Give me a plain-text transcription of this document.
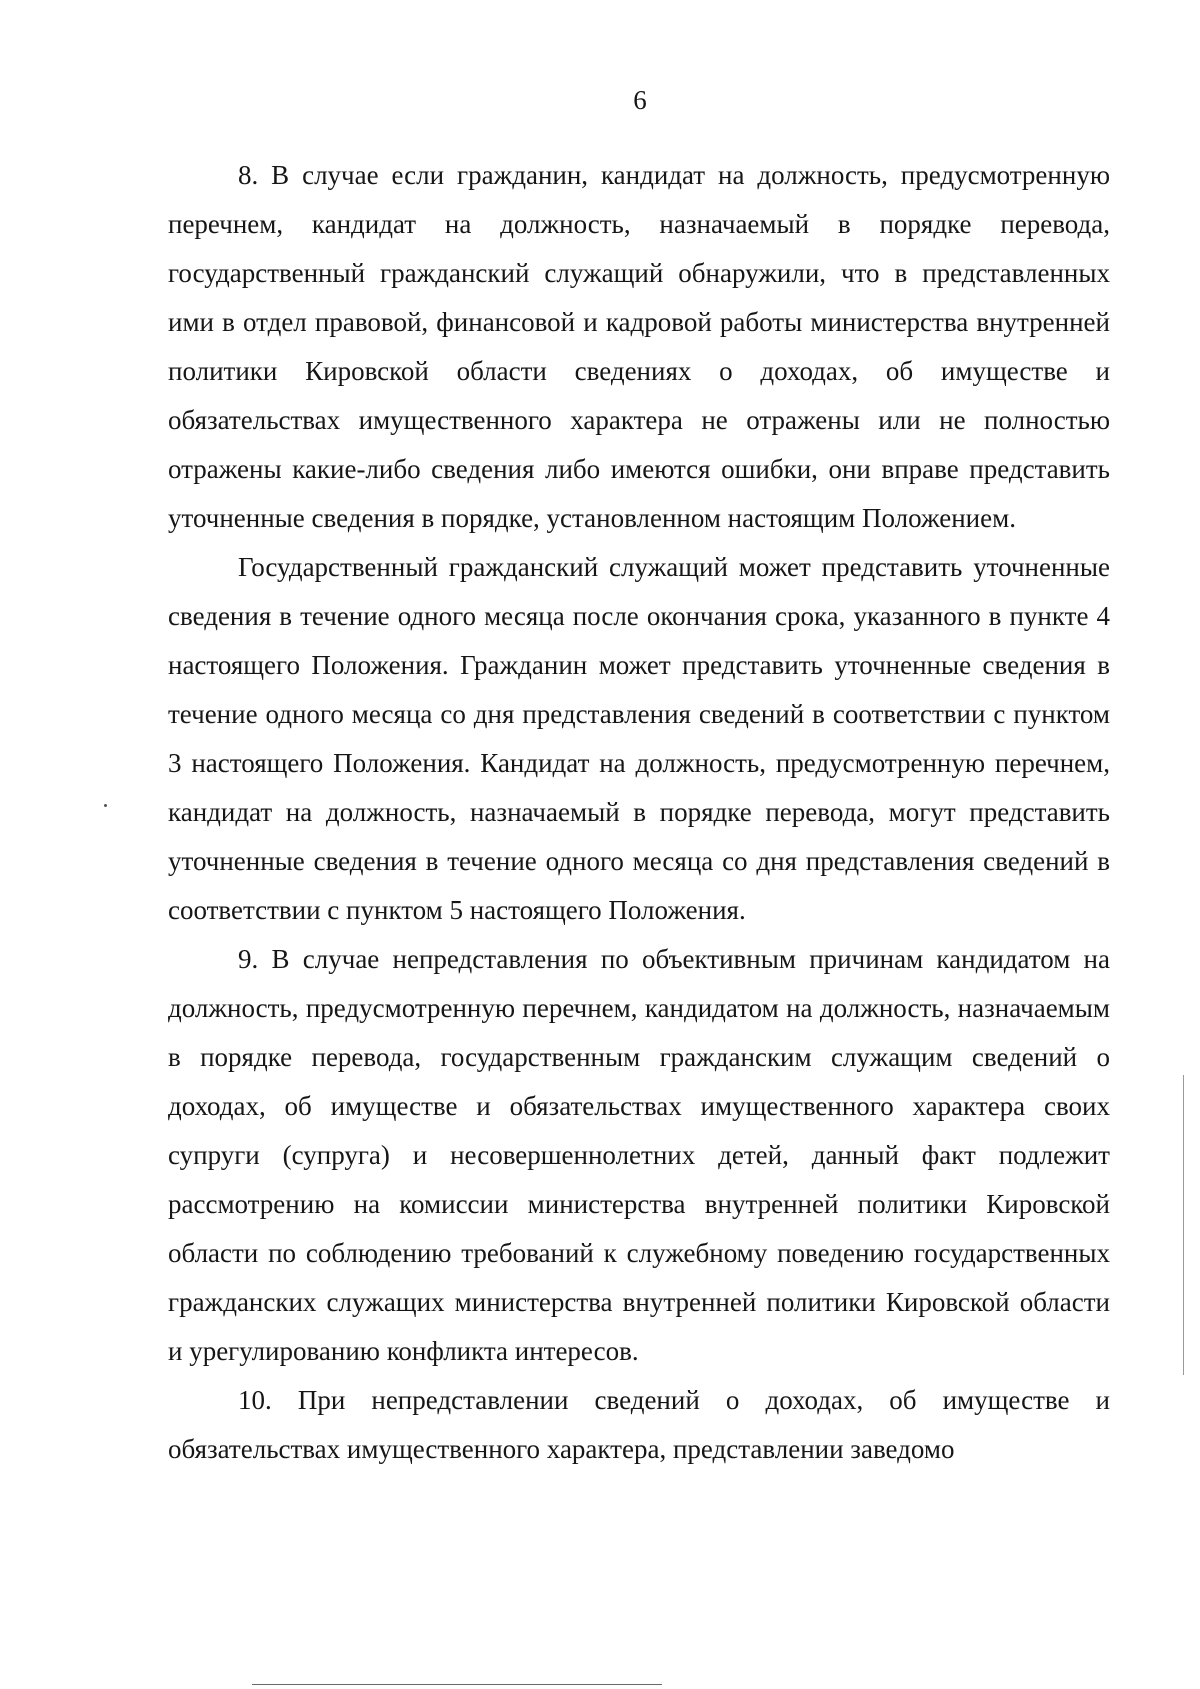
6

8. В случае если гражданин, кандидат на должность, предусмотренную перечнем, кандидат на должность, назначаемый в порядке перевода, государственный гражданский служащий обнаружили, что в представленных ими в отдел правовой, финансовой и кадровой работы министерства внутренней политики Кировской области сведениях о доходах, об имуществе и обязательствах имущественного характера не отражены или не полностью отражены какие-либо сведения либо имеются ошибки, они вправе представить уточненные сведения в порядке, установленном настоящим Положением.

Государственный гражданский служащий может представить уточненные сведения в течение одного месяца после окончания срока, указанного в пункте 4 настоящего Положения. Гражданин может представить уточненные сведения в течение одного месяца со дня представления сведений в соответствии с пунктом 3 настоящего Положения. Кандидат на должность, предусмотренную перечнем, кандидат на должность, назначаемый в порядке перевода, могут представить уточненные сведения в течение одного месяца со дня представления сведений в соответствии с пунктом 5 настоящего Положения.

9. В случае непредставления по объективным причинам кандидатом на должность, предусмотренную перечнем, кандидатом на должность, назначаемым в порядке перевода, государственным гражданским служащим сведений о доходах, об имуществе и обязательствах имущественного характера своих супруги (супруга) и несовершеннолетних детей, данный факт подлежит рассмотрению на комиссии министерства внутренней политики Кировской области по соблюдению требований к служебному поведению государственных гражданских служащих министерства внутренней политики Кировской области и урегулированию конфликта интересов.

10. При непредставлении сведений о доходах, об имуществе и обязательствах имущественного характера, представлении заведомо
